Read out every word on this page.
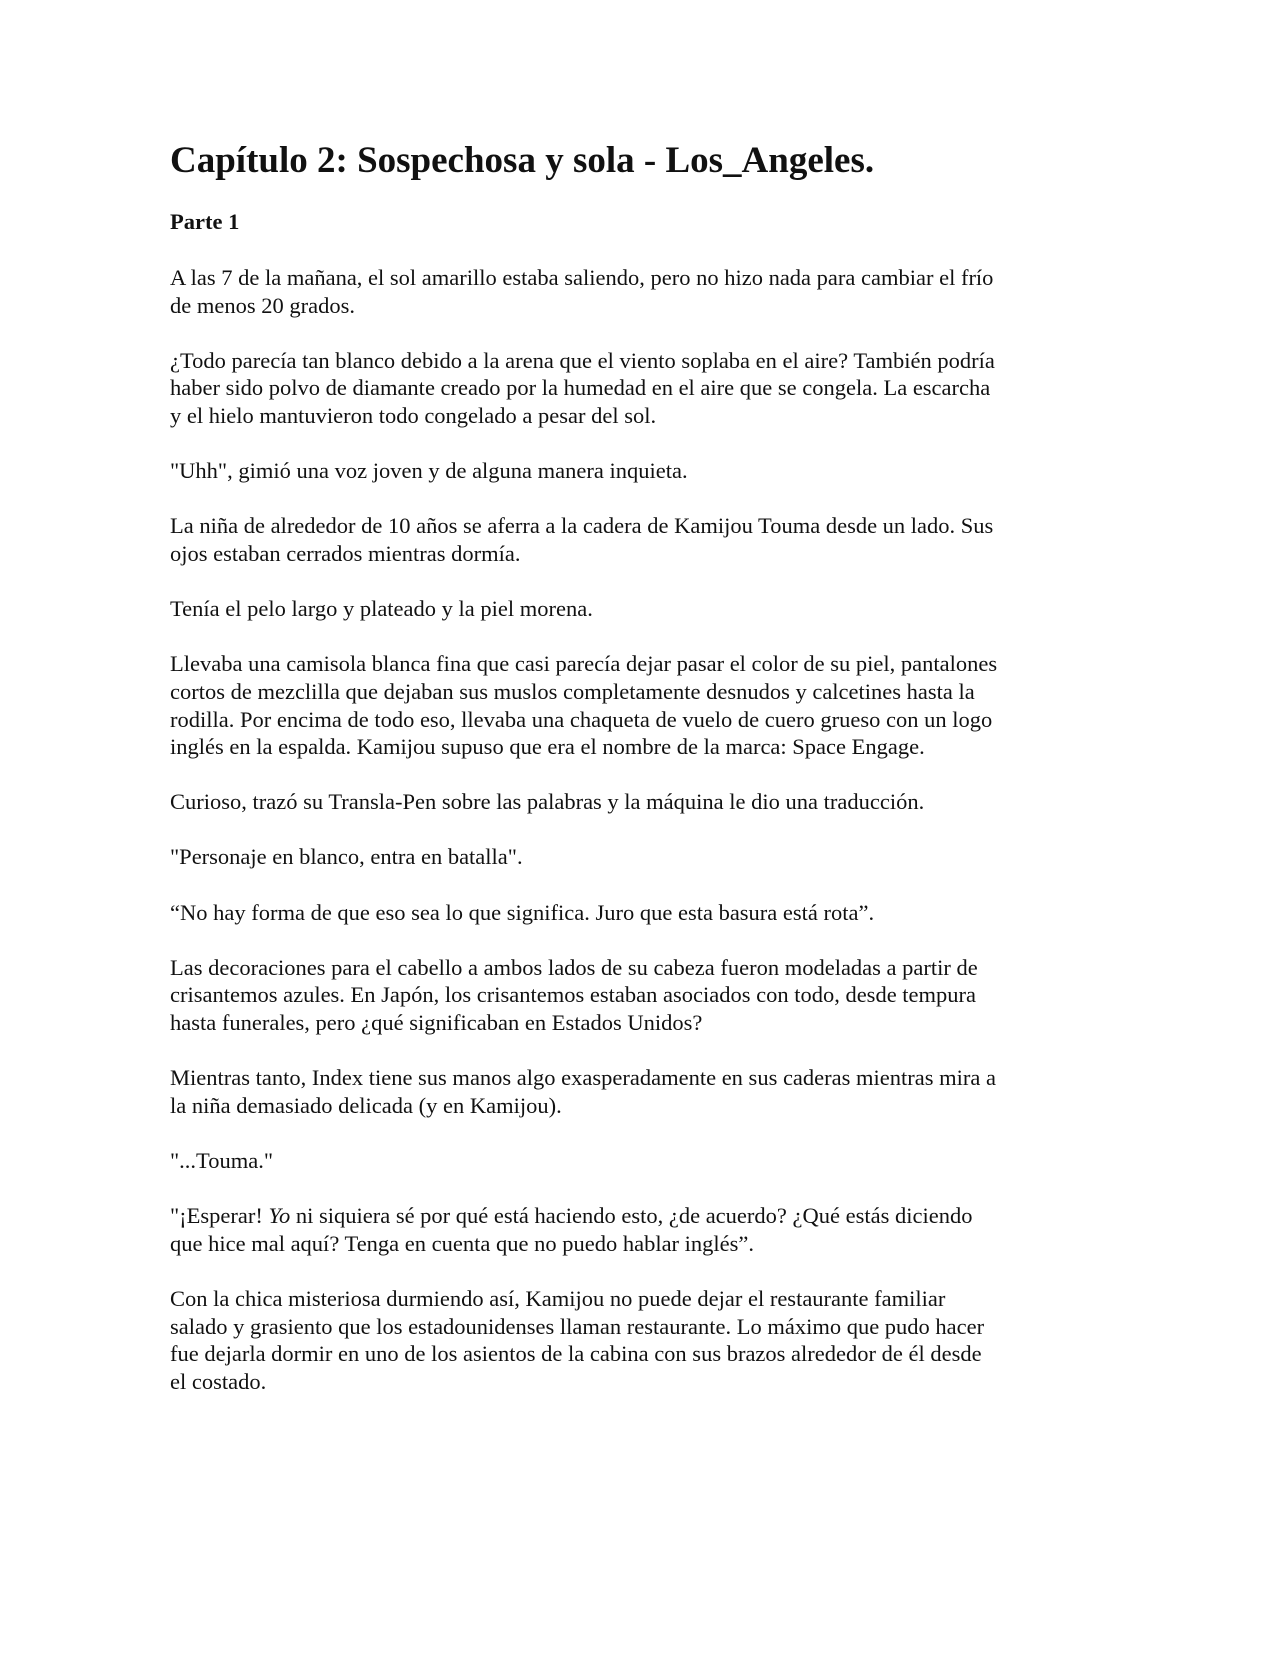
Capítulo 2: Sospechosa y sola - Los_Angeles.
Parte 1

A las 7 de la mañana, el sol amarillo estaba saliendo, pero no hizo nada para cambiar el frío
de menos 20 grados.

¿Todo parecía tan blanco debido a la arena que el viento soplaba en el aire? También podría
haber sido polvo de diamante creado por la humedad en el aire que se congela. La escarcha
y el hielo mantuvieron todo congelado a pesar del sol.

"Uhh", gimió una voz joven y de alguna manera inquieta.

La niña de alrededor de 10 años se aferra a la cadera de Kamijou Touma desde un lado. Sus
ojos estaban cerrados mientras dormía.

Tenía el pelo largo y plateado y la piel morena.

Llevaba una camisola blanca fina que casi parecía dejar pasar el color de su piel, pantalones
cortos de mezclilla que dejaban sus muslos completamente desnudos y calcetines hasta la
rodilla. Por encima de todo eso, llevaba una chaqueta de vuelo de cuero grueso con un logo
inglés en la espalda. Kamijou supuso que era el nombre de la marca: Space Engage.

Curioso, trazó su Transla-Pen sobre las palabras y la máquina le dio una traducción.

"Personaje en blanco, entra en batalla".

“No hay forma de que eso sea lo que significa. Juro que esta basura está rota”.

Las decoraciones para el cabello a ambos lados de su cabeza fueron modeladas a partir de
crisantemos azules. En Japón, los crisantemos estaban asociados con todo, desde tempura
hasta funerales, pero ¿qué significaban en Estados Unidos?

Mientras tanto, Index tiene sus manos algo exasperadamente en sus caderas mientras mira a
la niña demasiado delicada (y en Kamijou).

"...Touma."

"¡Esperar! Yo ni siquiera sé por qué está haciendo esto, ¿de acuerdo? ¿Qué estás diciendo
que hice mal aquí? Tenga en cuenta que no puedo hablar inglés”.

Con la chica misteriosa durmiendo así, Kamijou no puede dejar el restaurante familiar
salado y grasiento que los estadounidenses llaman restaurante. Lo máximo que pudo hacer
fue dejarla dormir en uno de los asientos de la cabina con sus brazos alrededor de él desde
el costado.
